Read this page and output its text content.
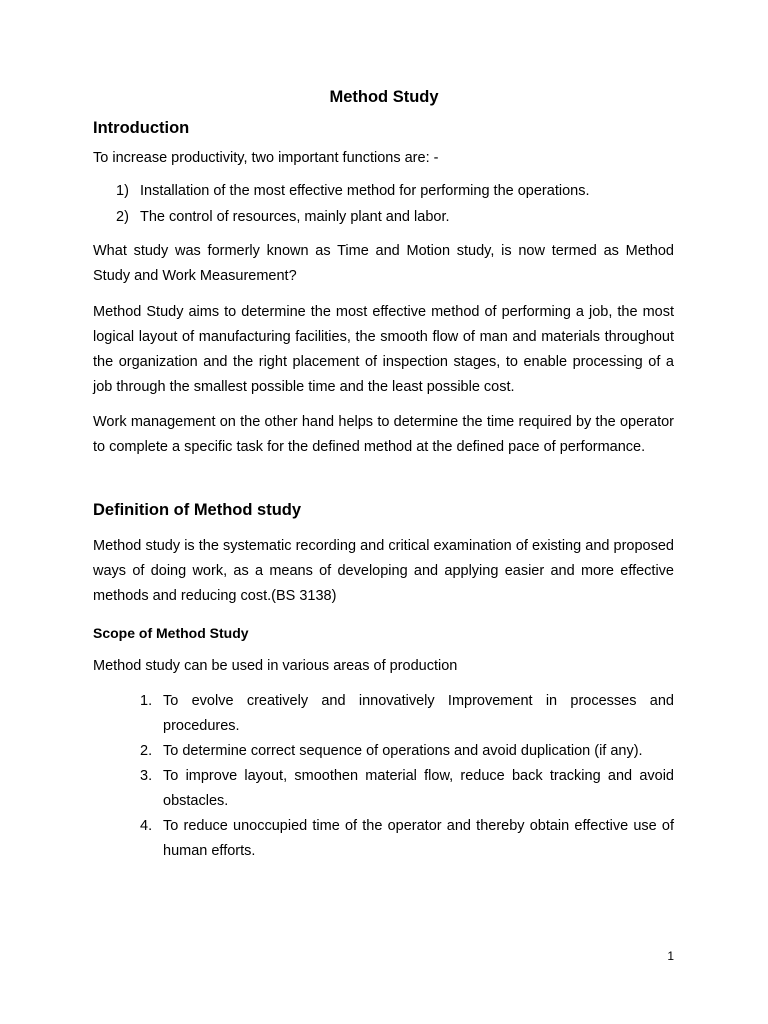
Method Study
Introduction

To increase productivity, two important functions are: -

1) Installation of the most effective method for performing the operations.
2) The control of resources, mainly plant and labor.

What study was formerly known as Time and Motion study, is now termed as Method Study and Work Measurement?

Method Study aims to determine the most effective method of performing a job, the most logical layout of manufacturing facilities, the smooth flow of man and materials throughout the organization and the right placement of inspection stages, to enable processing of a job through the smallest possible time and the least possible cost.

Work management on the other hand helps to determine the time required by the operator to complete a specific task for the defined method at the defined pace of performance.

Definition of Method study

Method study is the systematic recording and critical examination of existing and proposed ways of doing work, as a means of developing and applying easier and more effective methods and reducing cost.(BS 3138)

Scope of Method Study

Method study can be used in various areas of production

1. To evolve creatively and innovatively Improvement in processes and procedures.
2. To determine correct sequence of operations and avoid duplication (if any).
3. To improve layout, smoothen material flow, reduce back tracking and avoid obstacles.
4. To reduce unoccupied time of the operator and thereby obtain effective use of human efforts.
1
